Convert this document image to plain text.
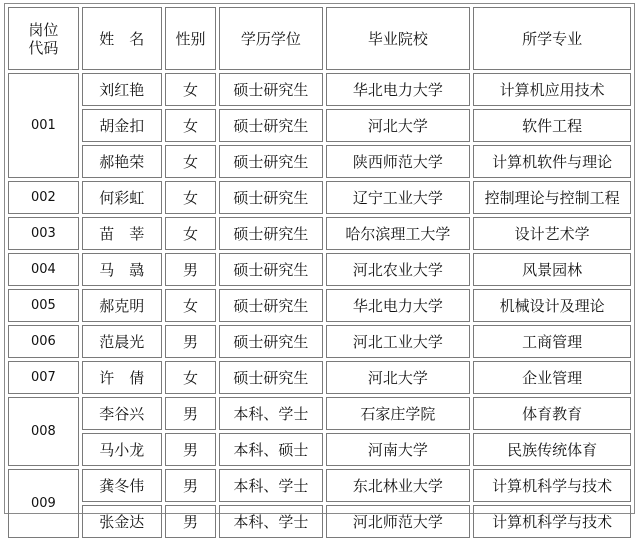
岗位
代码	姓　名	性别	学历学位	毕业院校	所学专业
001	刘红艳	女	硕士研究生	华北电力大学	计算机应用技术
	胡金扣	女	硕士研究生	河北大学	软件工程
	郝艳荣	女	硕士研究生	陕西师范大学	计算机软件与理论
002	何彩虹	女	硕士研究生	辽宁工业大学	控制理论与控制工程
003	苗　莘	女	硕士研究生	哈尔滨理工大学	设计艺术学
004	马　骉	男	硕士研究生	河北农业大学	风景园林
005	郝克明	女	硕士研究生	华北电力大学	机械设计及理论
006	范晨光	男	硕士研究生	河北工业大学	工商管理
007	许　倩	女	硕士研究生	河北大学	企业管理
008	李谷兴	男	本科、学士	石家庄学院	体育教育
	马小龙	男	本科、硕士	河南大学	民族传统体育
009	龚冬伟	男	本科、学士	东北林业大学	计算机科学与技术
	张金达	男	本科、学士	河北师范大学	计算机科学与技术
